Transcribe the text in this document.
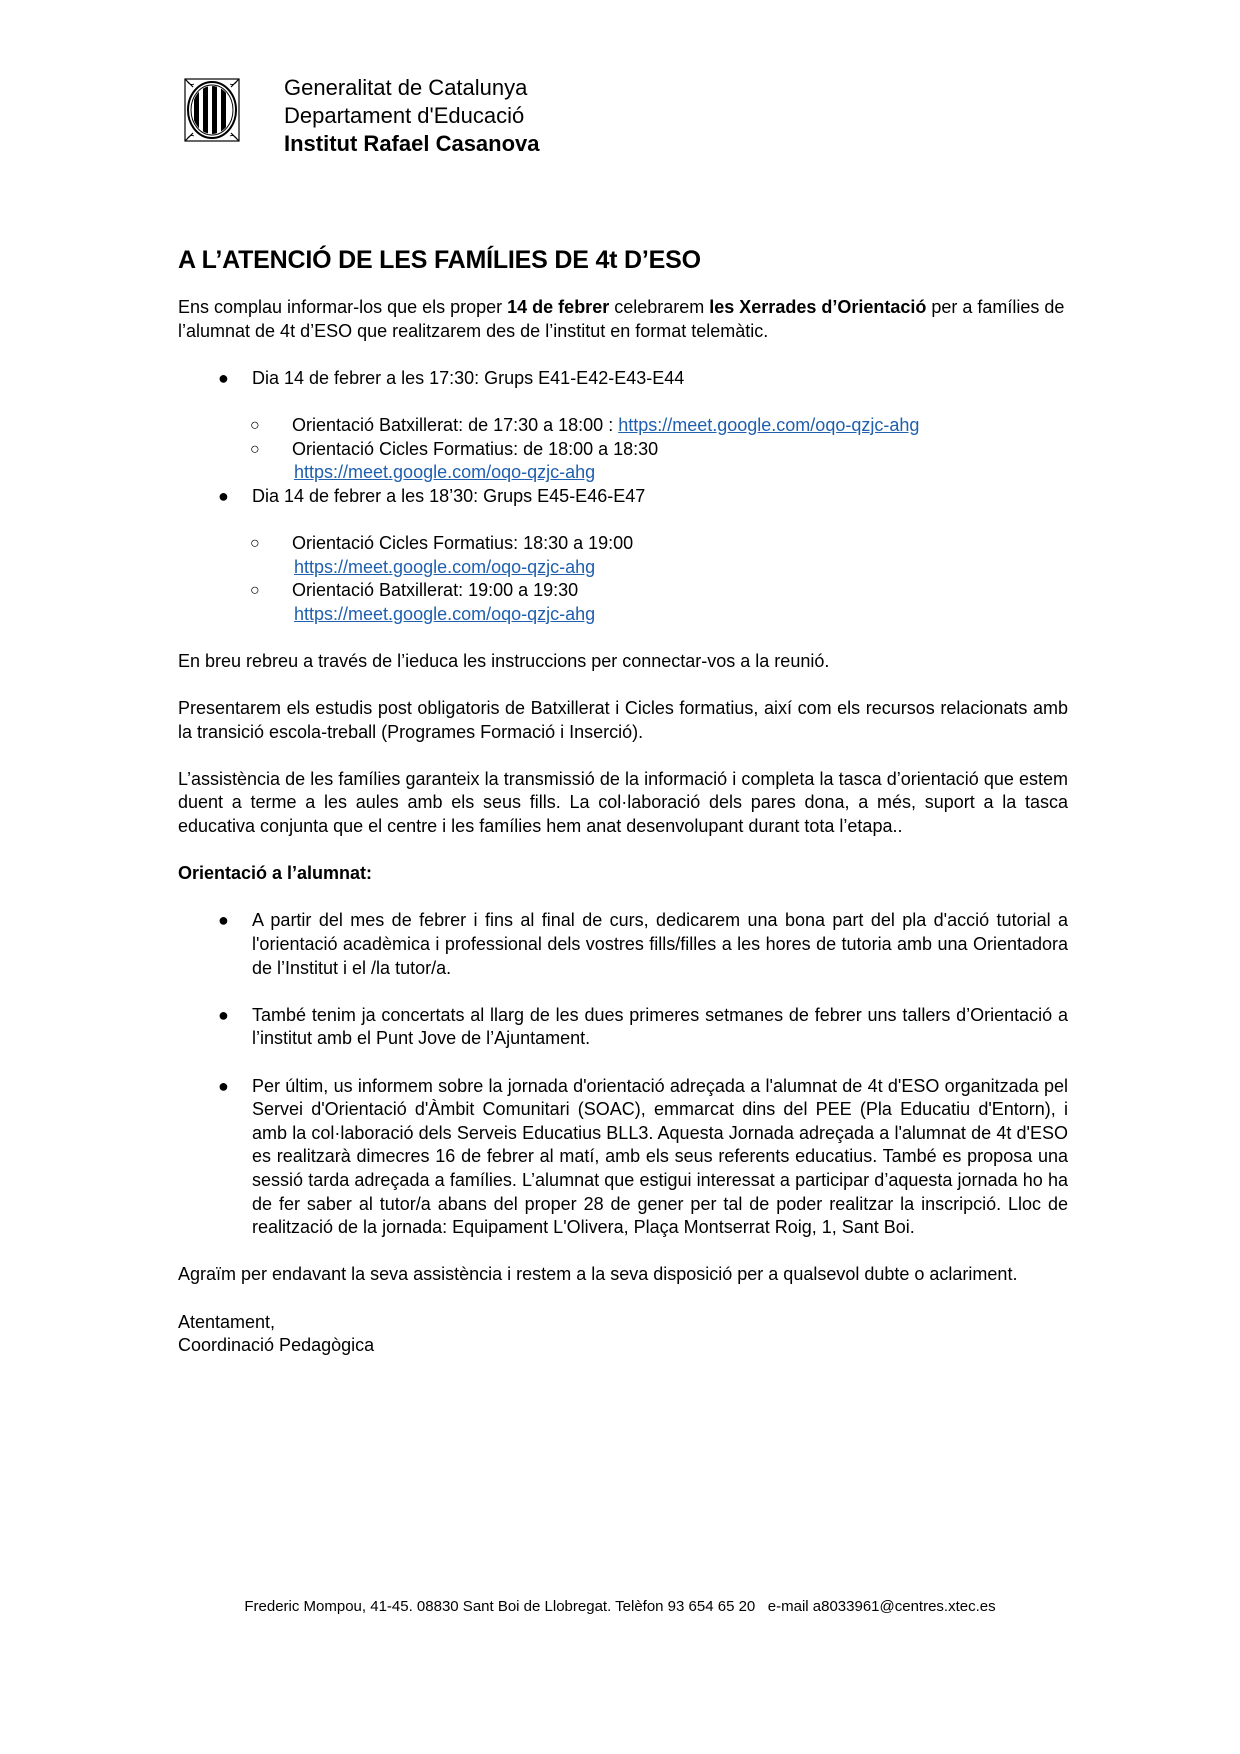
Generalitat de Catalunya
Departament d'Educació
Institut Rafael Casanova
A L’ATENCIÓ DE LES FAMÍLIES DE 4t D’ESO

Ens complau informar-los que els proper 14 de febrer celebrarem les Xerrades d’Orientació per a famílies de l’alumnat de 4t d’ESO que realitzarem des de l’institut en format telemàtic.

● Dia 14 de febrer a les 17:30: Grups E41-E42-E43-E44
○ Orientació Batxillerat: de 17:30 a 18:00 : https://meet.google.com/oqo-qzjc-ahg
○ Orientació Cicles Formatius: de 18:00 a 18:30
https://meet.google.com/oqo-qzjc-ahg
● Dia 14 de febrer a les 18’30: Grups E45-E46-E47
○ Orientació Cicles Formatius: 18:30 a 19:00
https://meet.google.com/oqo-qzjc-ahg
○ Orientació Batxillerat: 19:00 a 19:30
https://meet.google.com/oqo-qzjc-ahg

En breu rebreu a través de l’ieduca les instruccions per connectar-vos a la reunió.

Presentarem els estudis post obligatoris de Batxillerat i Cicles formatius, així com els recursos relacionats amb la transició escola-treball (Programes Formació i Inserció).

L’assistència de les famílies garanteix la transmissió de la informació i completa la tasca d’orientació que estem duent a terme a les aules amb els seus fills. La col·laboració dels pares dona, a més, suport a la tasca educativa conjunta que el centre i les famílies hem anat desenvolupant durant tota l’etapa..

Orientació a l’alumnat:
● A partir del mes de febrer i fins al final de curs, dedicarem una bona part del pla d'acció tutorial a l'orientació acadèmica i professional dels vostres fills/filles a les hores de tutoria amb una Orientadora de l’Institut i el /la tutor/a.
● També tenim ja concertats al llarg de les dues primeres setmanes de febrer uns tallers d’Orientació a l’institut amb el Punt Jove de l’Ajuntament.
● Per últim, us informem sobre la jornada d'orientació adreçada a l'alumnat de 4t d'ESO organitzada pel Servei d'Orientació d'Àmbit Comunitari (SOAC), emmarcat dins del PEE (Pla Educatiu d'Entorn), i amb la col·laboració dels Serveis Educatius BLL3. Aquesta Jornada adreçada a l'alumnat de 4t d'ESO es realitzarà dimecres 16 de febrer al matí, amb els seus referents educatius. També es proposa una sessió tarda adreçada a famílies. L’alumnat que estigui interessat a participar d’aquesta jornada ho ha de fer saber al tutor/a abans del proper 28 de gener per tal de poder realitzar la inscripció. Lloc de realització de la jornada: Equipament L'Olivera, Plaça Montserrat Roig, 1, Sant Boi.

Agraïm per endavant la seva assistència i restem a la seva disposició per a qualsevol dubte o aclariment.

Atentament,

Coordinació Pedagògica

Frederic Mompou, 41-45. 08830 Sant Boi de Llobregat. Telèfon 93 654 65 20   e-mail a8033961@centres.xtec.es
